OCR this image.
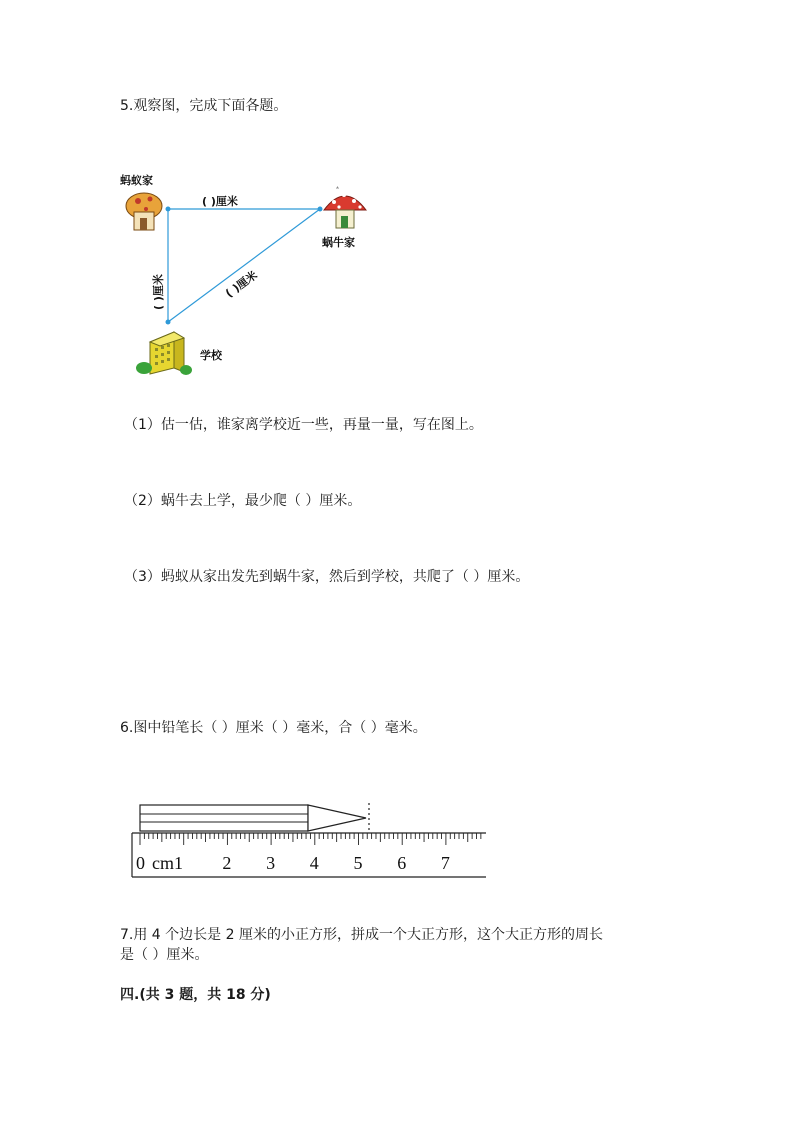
5.观察图，完成下面各题。
蚂蚁家
蜗牛家
学校
( )厘米
( )厘米	( )厘米
（1）估一估，谁家离学校近一些，再量一量，写在图上。
（2）蜗牛去上学，最少爬（ ）厘米。
（3）蚂蚁从家出发先到蜗牛家，然后到学校，共爬了（ ）厘米。
6.图中铅笔长（ ）厘米（ ）毫米，合（ ）毫米。
0 cm1 2 3 4 5 6 7
7.用 4 个边长是 2 厘米的小正方形，拼成一个大正方形，这个大正方形的周长
是（ ）厘米。
四.(共 3 题，共 18 分)
